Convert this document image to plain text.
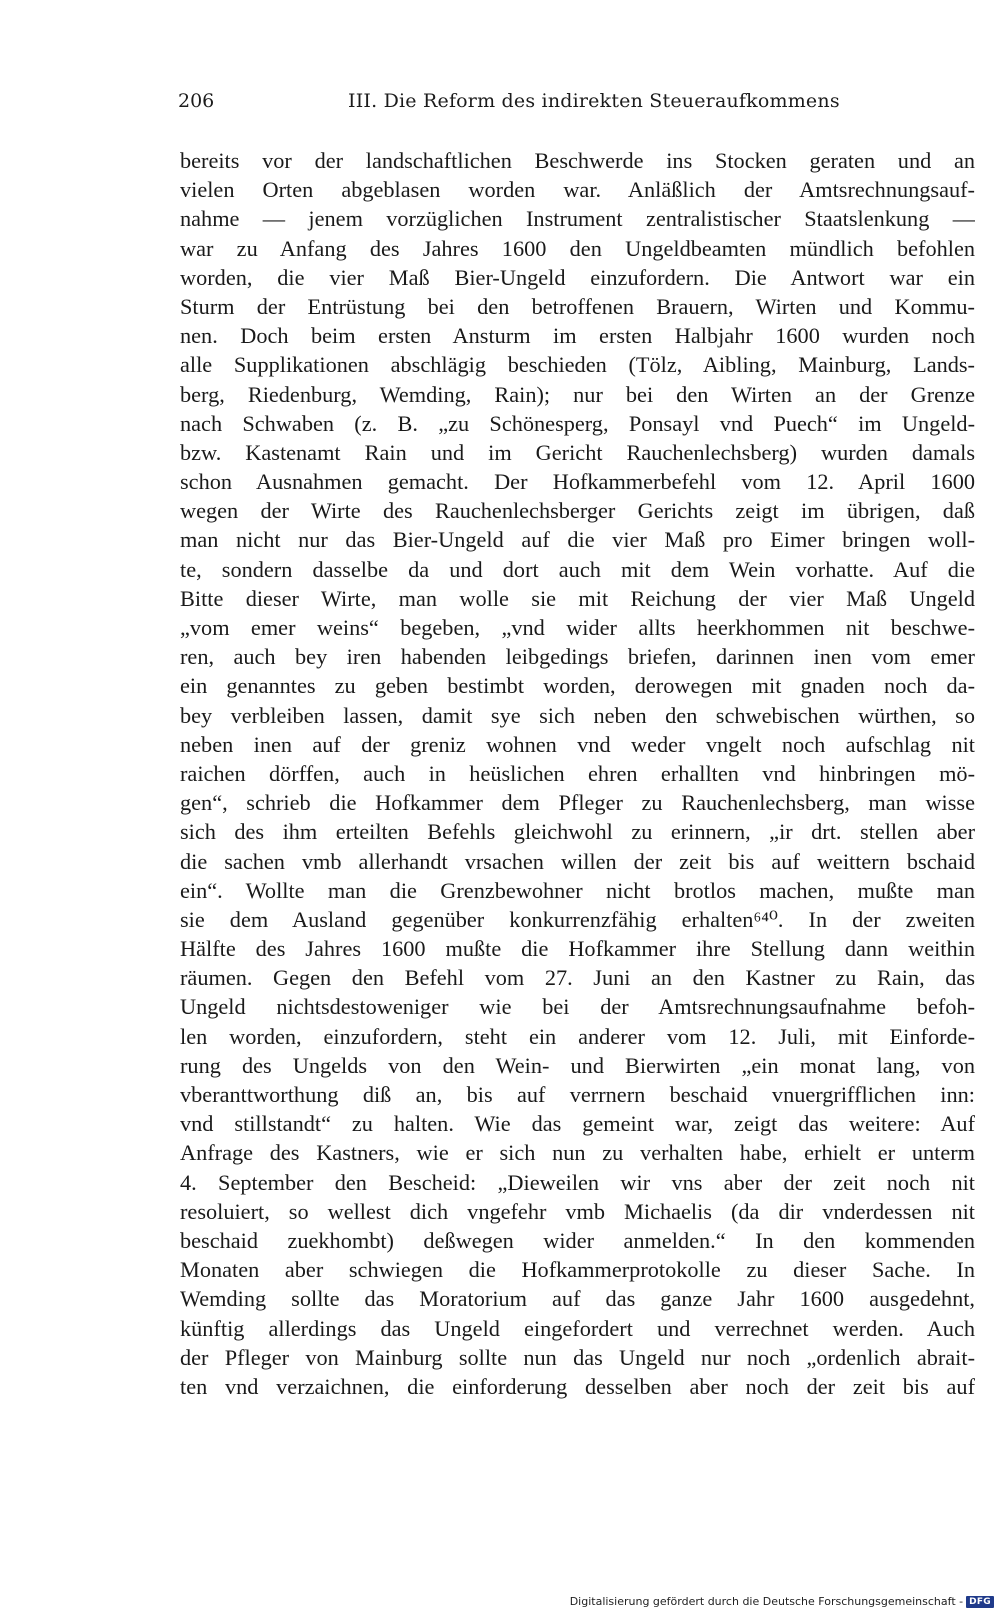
206	III. Die Reform des indirekten Steueraufkommens
bereits vor der landschaftlichen Beschwerde ins Stocken geraten und an
vielen Orten abgeblasen worden war. Anläßlich der Amtsrechnungsauf-
nahme — jenem vorzüglichen Instrument zentralistischer Staatslenkung —
war zu Anfang des Jahres 1600 den Ungeldbeamten mündlich befohlen
worden, die vier Maß Bier-Ungeld einzufordern. Die Antwort war ein
Sturm der Entrüstung bei den betroffenen Brauern, Wirten und Kommu-
nen. Doch beim ersten Ansturm im ersten Halbjahr 1600 wurden noch
alle Supplikationen abschlägig beschieden (Tölz, Aibling, Mainburg, Lands-
berg, Riedenburg, Wemding, Rain); nur bei den Wirten an der Grenze
nach Schwaben (z. B. „zu Schönesperg, Ponsayl vnd Puech“ im Ungeld-
bzw. Kastenamt Rain und im Gericht Rauchenlechsberg) wurden damals
schon Ausnahmen gemacht. Der Hofkammerbefehl vom 12. April 1600
wegen der Wirte des Rauchenlechsberger Gerichts zeigt im übrigen, daß
man nicht nur das Bier-Ungeld auf die vier Maß pro Eimer bringen woll-
te, sondern dasselbe da und dort auch mit dem Wein vorhatte. Auf die
Bitte dieser Wirte, man wolle sie mit Reichung der vier Maß Ungeld
„vom emer weins“ begeben, „vnd wider allts heerkhommen nit beschwe-
ren, auch bey iren habenden leibgedings briefen, darinnen inen vom emer
ein genanntes zu geben bestimbt worden, derowegen mit gnaden noch da-
bey verbleiben lassen, damit sye sich neben den schwebischen würthen, so
neben inen auf der greniz wohnen vnd weder vngelt noch aufschlag nit
raichen dörffen, auch in heüslichen ehren erhallten vnd hinbringen mö-
gen“, schrieb die Hofkammer dem Pfleger zu Rauchenlechsberg, man wisse
sich des ihm erteilten Befehls gleichwohl zu erinnern, „ir drt. stellen aber
die sachen vmb allerhandt vrsachen willen der zeit bis auf weittern bschaid
ein“. Wollte man die Grenzbewohner nicht brotlos machen, mußte man
sie dem Ausland gegenüber konkurrenzfähig erhalten⁶⁴⁰. In der zweiten
Hälfte des Jahres 1600 mußte die Hofkammer ihre Stellung dann weithin
räumen. Gegen den Befehl vom 27. Juni an den Kastner zu Rain, das
Ungeld nichtsdestoweniger wie bei der Amtsrechnungsaufnahme befoh-
len worden, einzufordern, steht ein anderer vom 12. Juli, mit Einforde-
rung des Ungelds von den Wein- und Bierwirten „ein monat lang, von
vberanttworthung diß an, bis auf verrnern beschaid vnuergrifflichen inn:
vnd stillstandt“ zu halten. Wie das gemeint war, zeigt das weitere: Auf
Anfrage des Kastners, wie er sich nun zu verhalten habe, erhielt er unterm
4. September den Bescheid: „Dieweilen wir vns aber der zeit noch nit
resoluiert, so wellest dich vngefehr vmb Michaelis (da dir vnderdessen nit
beschaid zuekhombt) deßwegen wider anmelden.“ In den kommenden
Monaten aber schwiegen die Hofkammerprotokolle zu dieser Sache. In
Wemding sollte das Moratorium auf das ganze Jahr 1600 ausgedehnt,
künftig allerdings das Ungeld eingefordert und verrechnet werden. Auch
der Pfleger von Mainburg sollte nun das Ungeld nur noch „ordenlich abrait-
ten vnd verzaichnen, die einforderung desselben aber noch der zeit bis auf
Digitalisierung gefördert durch die Deutsche Forschungsgemeinschaft - DFG
